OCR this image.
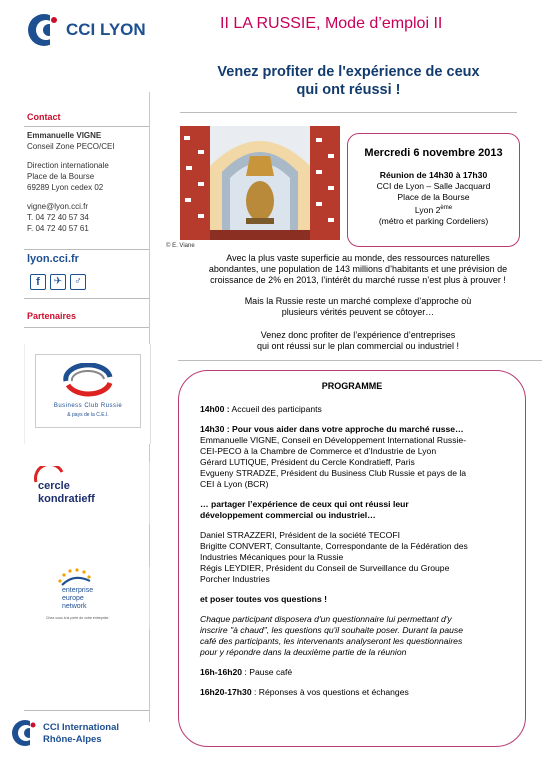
CCI LYON	II LA RUSSIE, Mode d’emploi II
Venez profiter de l'expérience de ceux
qui ont réussi !
Contact
Emmanuelle VIGNE
Conseil Zone PECO/CEI
Direction internationale
Place de la Bourse
69289 Lyon cedex 02
vigne@lyon.cci.fr
T. 04 72 40 57 34
F. 04 72 40 57 61
lyon.cci.fr
f	✈	♂
Partenaires
Business Club Russie
& pays de la C.E.I.
cercle
kondratieff
enterprise
europe
network
Chez-vous à la porte de votre entreprise
CCI International
Rhône-Alpes
© E. Viane
Mercredi 6 novembre 2013
Réunion de 14h30 à 17h30
CCI de Lyon – Salle Jacquard
Place de la Bourse
Lyon 2ème
(métro et parking Cordeliers)
Avec la plus vaste superficie au monde, des ressources naturelles
abondantes, une population de 143 millions d’habitants et une prévision de
croissance de 2% en 2013, l’intérêt du marché russe n’est plus à prouver !
Mais la Russie reste un marché complexe d’approche où
plusieurs vérités peuvent se côtoyer…
Venez donc profiter de l’expérience d’entreprises
qui ont réussi sur le plan commercial ou industriel !
PROGRAMME
14h00 : Accueil des participants
14h30 : Pour vous aider dans votre approche du marché russe…
Emmanuelle VIGNE, Conseil en Développement International Russie-
CEI-PECO à la Chambre de Commerce et d’Industrie de Lyon
Gérard LUTIQUE, Président du Cercle Kondratieff, Paris
Evgueny STRADZE, Président du Business Club Russie et pays de la
CEI à Lyon (BCR)
… partager l’expérience de ceux qui ont réussi leur
développement commercial ou industriel…
Daniel STRAZZERI, Président de la société TECOFI
Brigitte CONVERT, Consultante, Correspondante de la Fédération des
Industries Mécaniques pour la Russie
Régis LEYDIER, Président du Conseil de Surveillance du Groupe
Porcher Industries
et poser toutes vos questions !
Chaque participant disposera d'un questionnaire lui permettant d'y
inscrire "à chaud", les questions qu'il souhaite poser. Durant la pause
café des participants, les intervenants analyseront les questionnaires
pour y répondre dans la deuxième partie de la réunion
16h-16h20 : Pause café
16h20-17h30 : Réponses à vos questions et échanges
